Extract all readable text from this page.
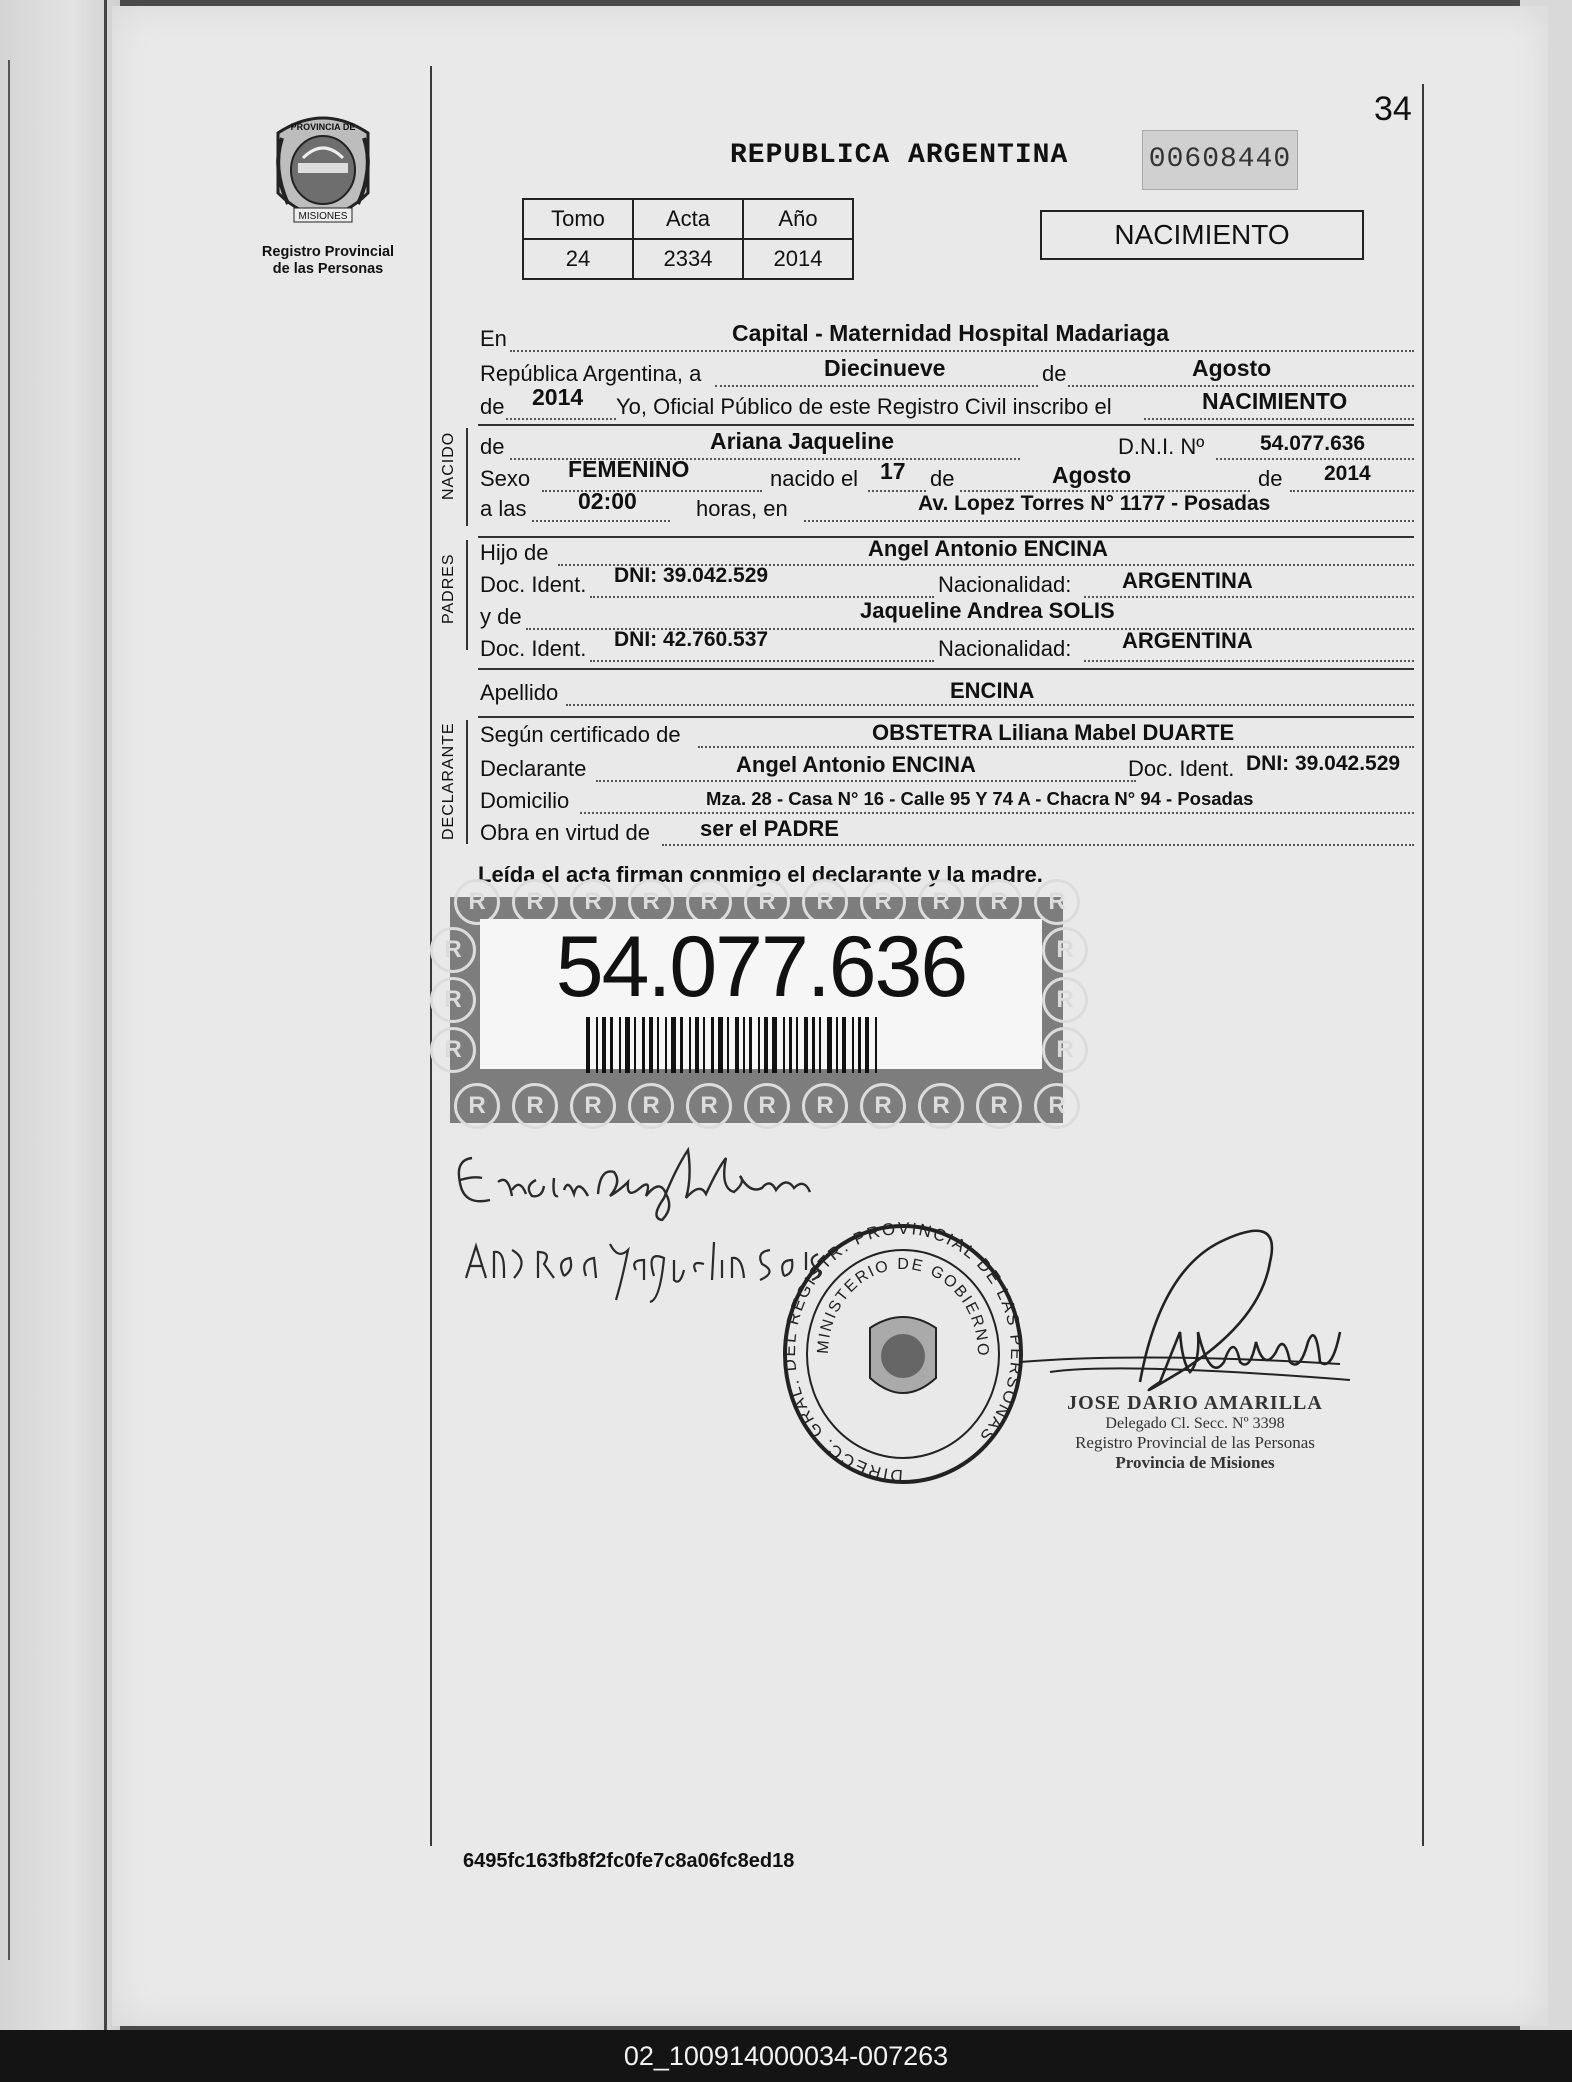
34
PROVINCIA DE
MISIONES
Registro Provincial
de las Personas
REPUBLICA ARGENTINA	00608440
Tomo	Acta	Año
24	2334	2014
NACIMIENTO
En	Capital - Maternidad Hospital Madariaga
República Argentina, a	Diecinueve	de	Agosto
de 2014 Yo, Oficial Público de este Registro Civil inscribo el	NACIMIENTO
NACIDO de	Ariana Jaqueline	D.N.I. Nº	54.077.636
Sexo FEMENINO	nacido el 17 de	Agosto	de 2014
a las 02:00	horas, en	Av. Lopez Torres N° 1177 - Posadas
PADRES
Hijo de	Angel Antonio ENCINA
Doc. Ident. DNI: 39.042.529	Nacionalidad: ARGENTINA
y de	Jaqueline Andrea SOLIS
Doc. Ident. DNI: 42.760.537	Nacionalidad: ARGENTINA
Apellido	ENCINA
DECLARANTE Según certificado de	OBSTETRA Liliana Mabel DUARTE
Declarante	Angel Antonio ENCINA	Doc. Ident. DNI: 39.042.529
Domicilio	Mza. 28 - Casa N° 16 - Calle 95 Y 74 A - Chacra N° 94 - Posadas
Obra en virtud de ser el PADRE
Leída el acta firman conmigo el declarante y la madre.
R
R
R
R
R
R
R
R
R
R
R
R
R
R
R
R
R
R
R
R
R
R
R	R
R	R
R	R
54.077.636
DIRECC. GRAL. DEL REGISTR. PROVINCIAL DE LAS PERSONAS
MINISTERIO DE GOBIERNO
JOSE DARIO AMARILLA
Delegado Cl. Secc. Nº 3398
Registro Provincial de las Personas
Provincia de Misiones
6495fc163fb8f2fc0fe7c8a06fc8ed18
02_100914000034-007263
